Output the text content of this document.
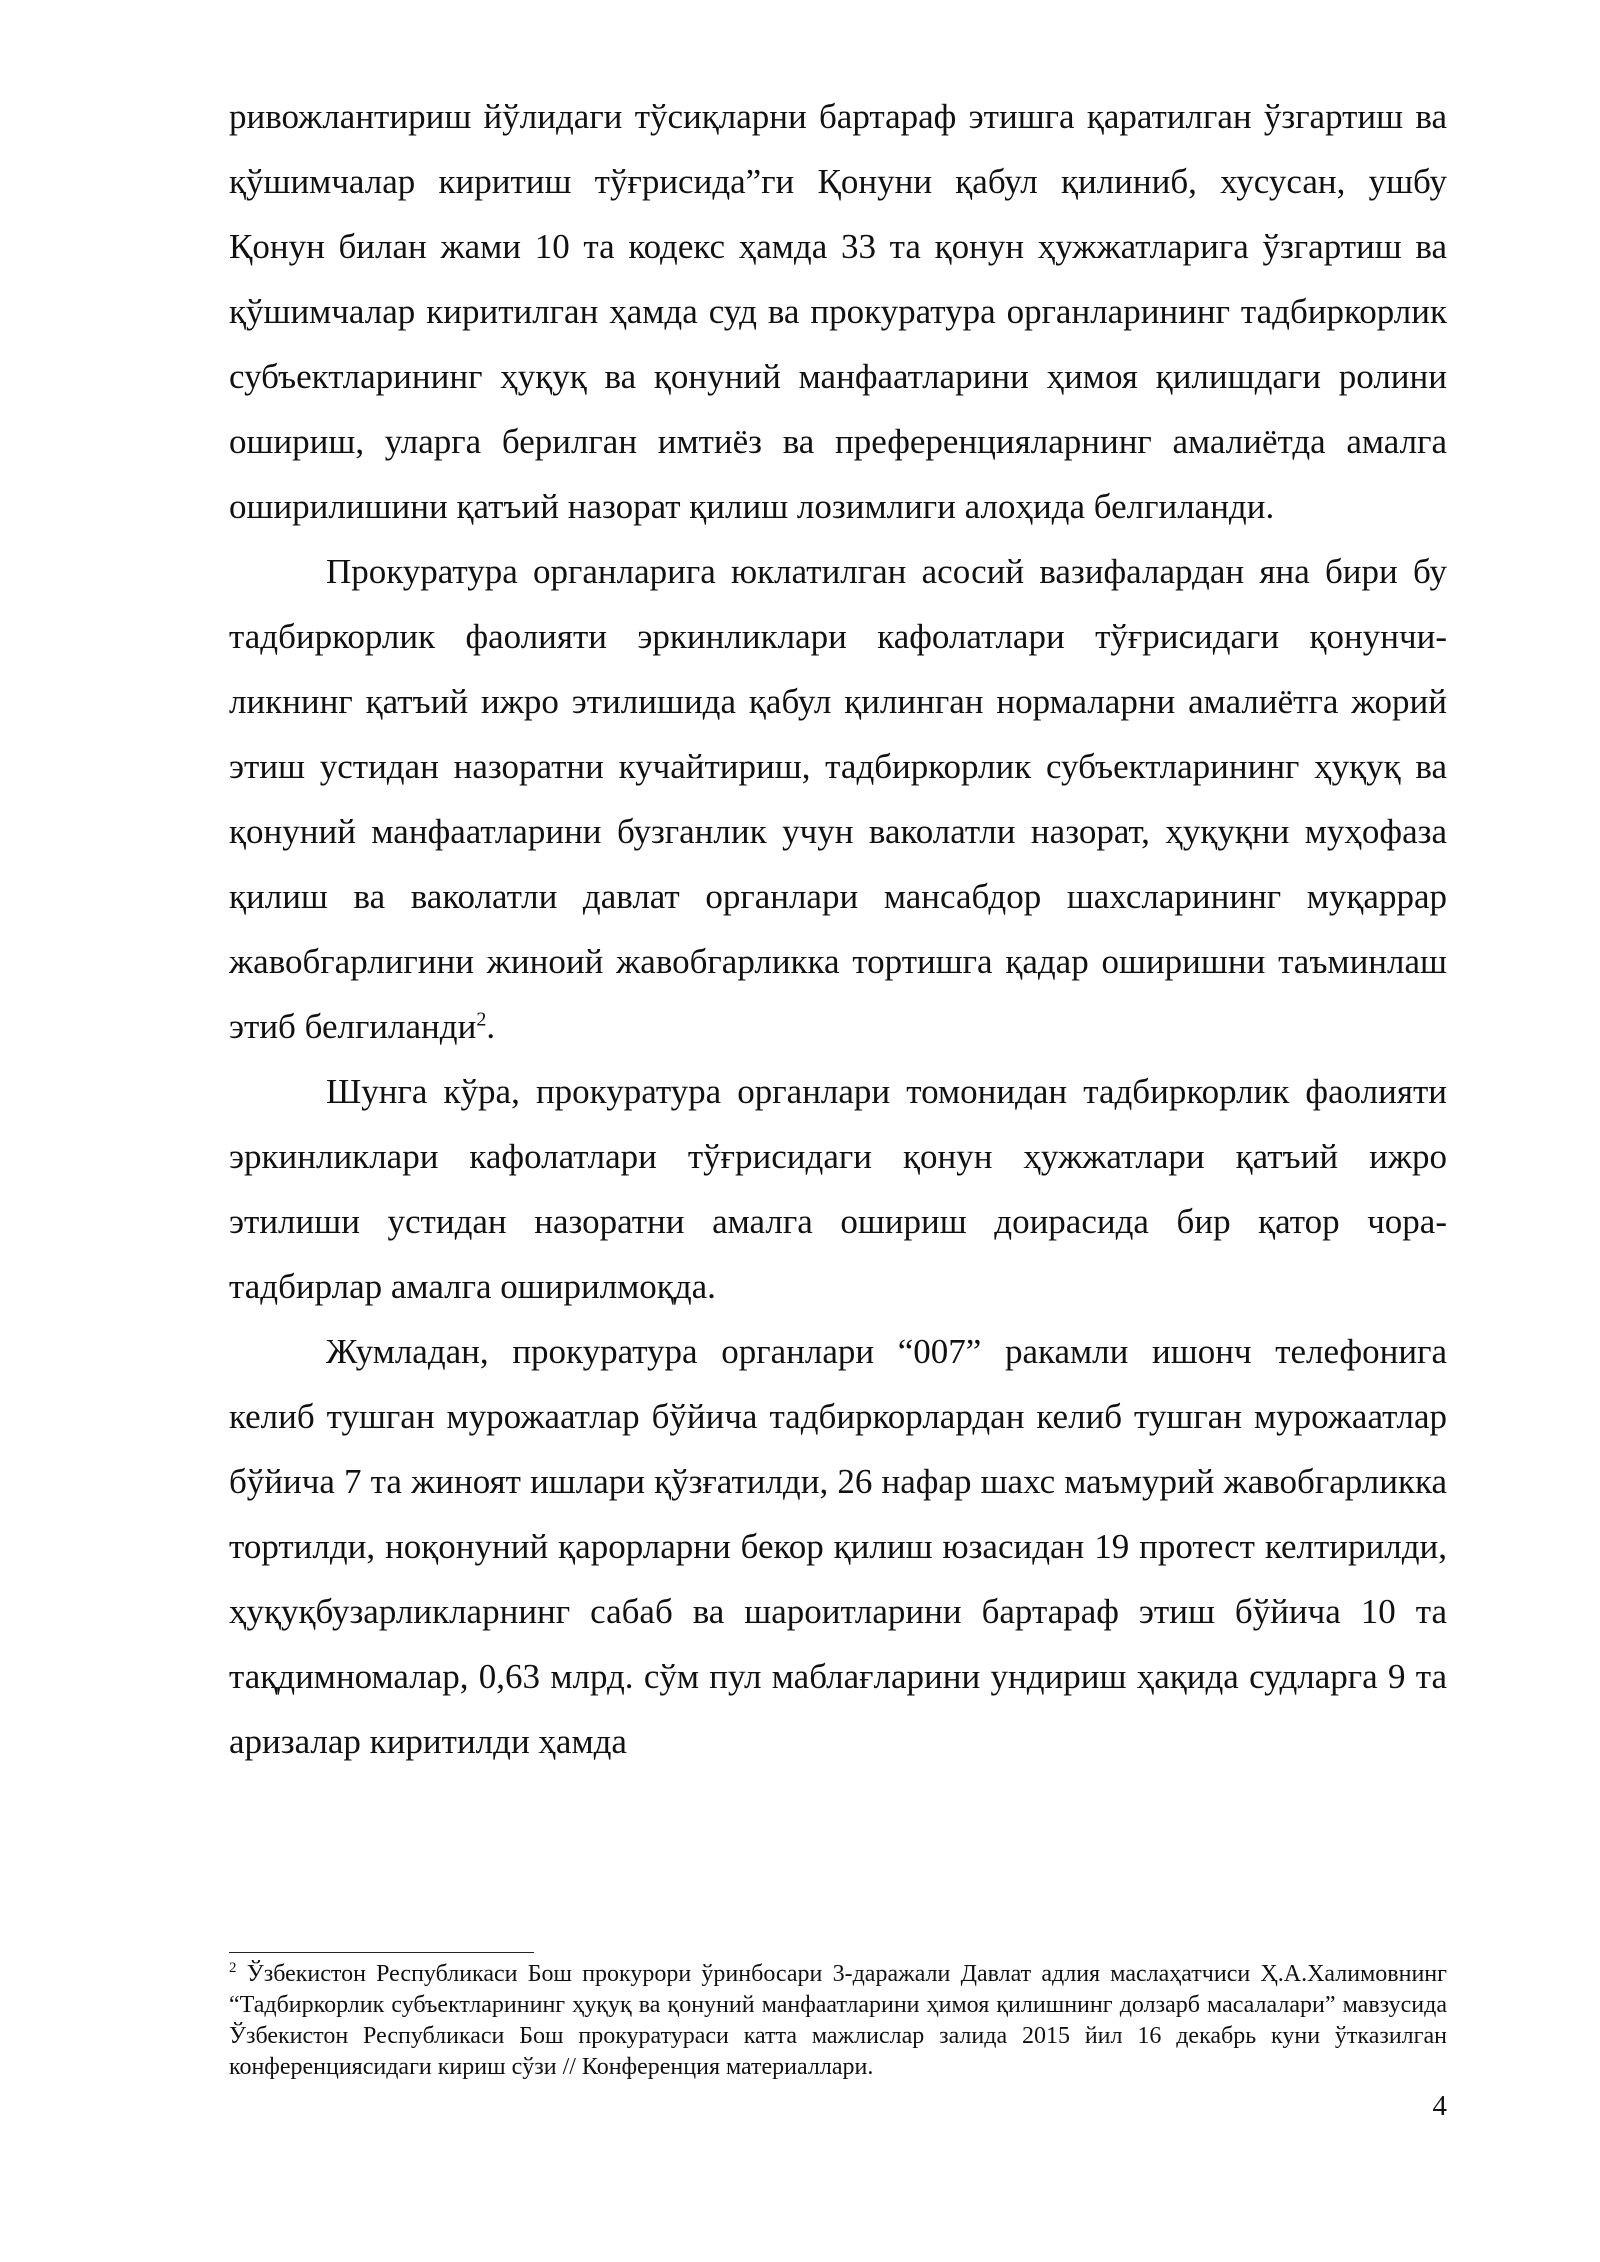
ривожлантириш йўлидаги тўсиқларни бартараф этишга қаратилган ўзгартиш ва қўшимчалар киритиш тўғрисида”ги Қонуни қабул қилиниб, хусусан, ушбу Қонун билан жами 10 та кодекс ҳамда 33 та қонун ҳужжатларига ўзгартиш ва қўшимчалар киритилган ҳамда суд ва прокуратура органларининг тадбиркорлик субъектларининг ҳуқуқ ва қонуний манфаатларини ҳимоя қилишдаги ролини ошириш, уларга берилган имтиёз ва преференцияларнинг амалиётда амалга оширилишини қатъий назорат қилиш лозимлиги алоҳида белгиланди.

Прокуратура органларига юклатилган асосий вазифалардан яна бири бу тадбиркорлик фаолияти эркинликлари кафолатлари тўғрисидаги қонунчи-ликнинг қатъий ижро этилишида қабул қилинган нормаларни амалиётга жорий этиш устидан назоратни кучайтириш, тадбиркорлик субъектларининг ҳуқуқ ва қонуний манфаатларини бузганлик учун ваколатли назорат, ҳуқуқни муҳофаза қилиш ва ваколатли давлат органлари мансабдор шахсларининг муқаррар жавобгарлигини жиноий жавобгарликка тортишга қадар оширишни таъминлаш этиб белгиланди$^2$.

Шунга кўра, прокуратура органлари томонидан тадбиркорлик фаолияти эркинликлари кафолатлари тўғрисидаги қонун ҳужжатлари қатъий ижро этилиши устидан назоратни амалга ошириш доирасида бир қатор чора-тадбирлар амалга оширилмоқда.

Жумладан, прокуратура органлари “007” ракамли ишонч телефонига келиб тушган мурожаатлар бўйича тадбиркорлардан келиб тушган мурожаатлар бўйича 7 та жиноят ишлари қўзғатилди, 26 нафар шахс маъмурий жавобгарликка тортилди, ноқонуний қарорларни бекор қилиш юзасидан 19 протест келтирилди, ҳуқуқбузарликларнинг сабаб ва шароитларини бартараф этиш бўйича 10 та тақдимномалар, 0,63 млрд. сўм пул маблағларини ундириш ҳақида судларга 9 та аризалар киритилди ҳамда

$^2$ Ўзбекистон Республикаси Бош прокурори ўринбосари 3-даражали Давлат адлия маслаҳатчиси Ҳ.А.Халимовнинг “Тадбиркорлик субъектларининг ҳуқуқ ва қонуний манфаатларини ҳимоя қилишнинг долзарб масалалари” мавзусида Ўзбекистон Республикаси Бош прокуратураси катта мажлислар залида 2015 йил 16 декабрь куни ўтказилган конференциясидаги кириш сўзи // Конференция материаллари.
4
